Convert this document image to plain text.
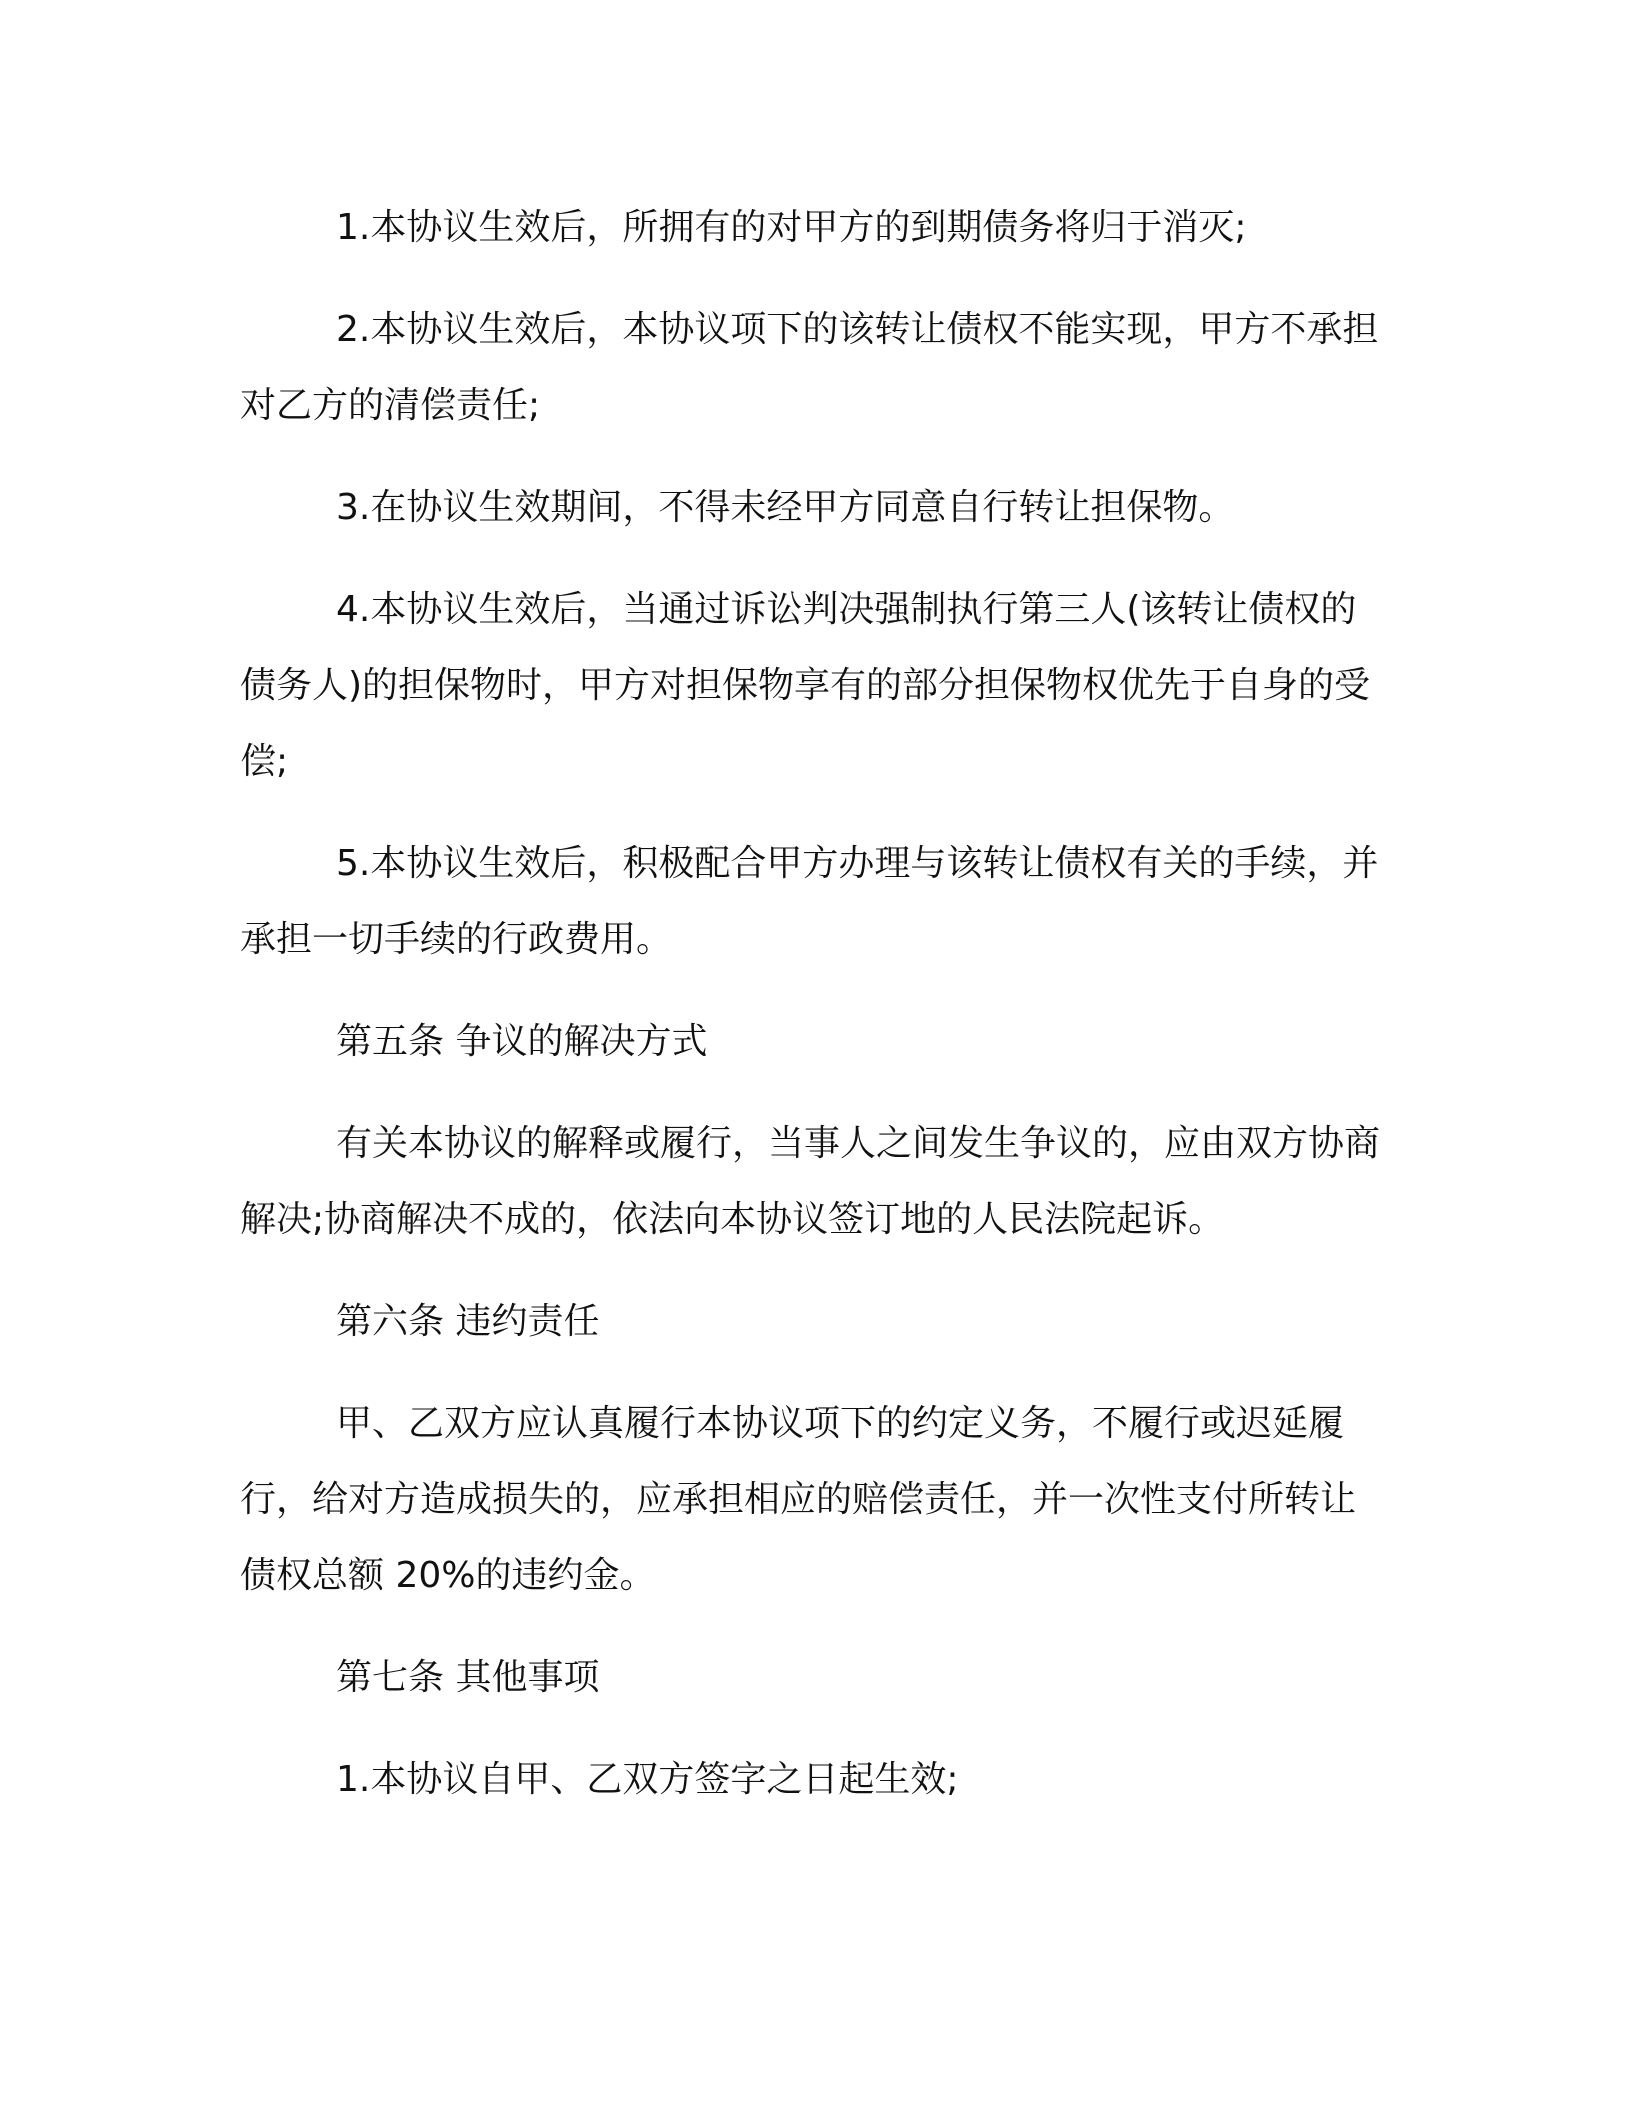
1.本协议生效后，所拥有的对甲方的到期债务将归于消灭;

2.本协议生效后，本协议项下的该转让债权不能实现，甲方不承担对乙方的清偿责任;

3.在协议生效期间，不得未经甲方同意自行转让担保物。

4.本协议生效后，当通过诉讼判决强制执行第三人(该转让债权的债务人)的担保物时，甲方对担保物享有的部分担保物权优先于自身的受偿;

5.本协议生效后，积极配合甲方办理与该转让债权有关的手续，并承担一切手续的行政费用。

第五条 争议的解决方式

有关本协议的解释或履行，当事人之间发生争议的，应由双方协商解决;协商解决不成的，依法向本协议签订地的人民法院起诉。

第六条 违约责任

甲、乙双方应认真履行本协议项下的约定义务，不履行或迟延履行，给对方造成损失的，应承担相应的赔偿责任，并一次性支付所转让债权总额 20%的违约金。

第七条 其他事项

1.本协议自甲、乙双方签字之日起生效;
